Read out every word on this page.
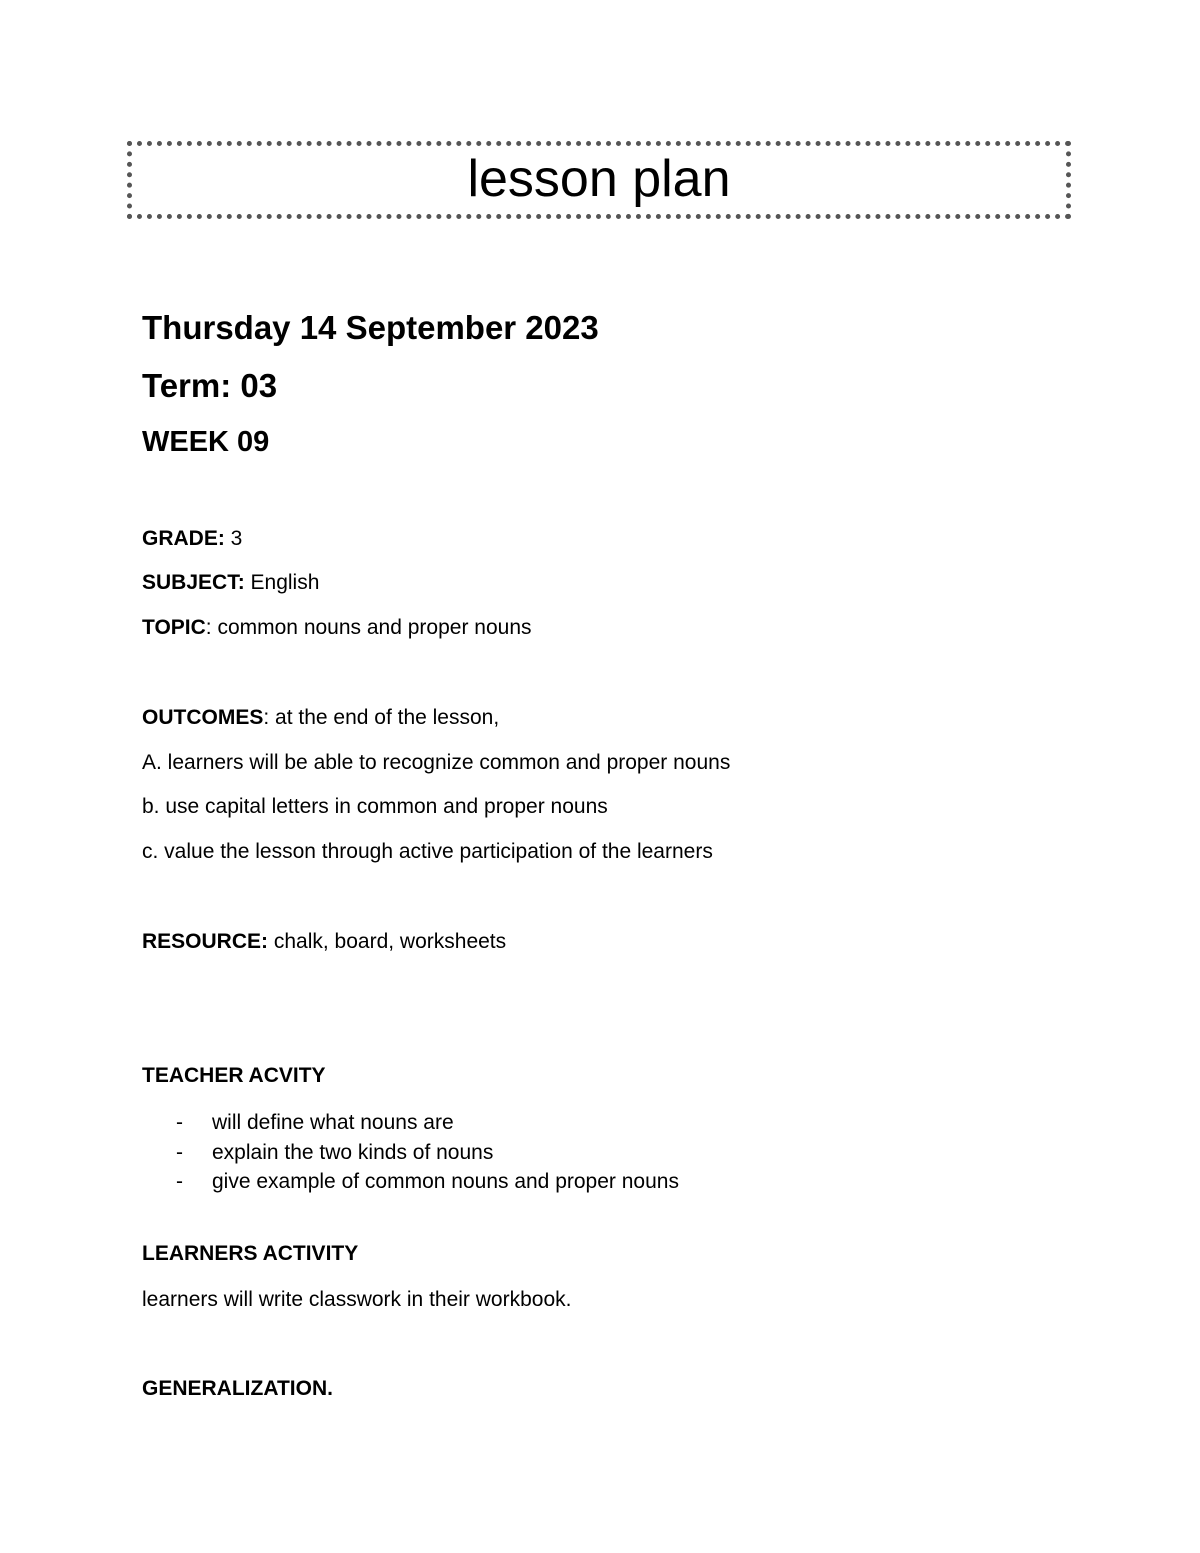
lesson plan
Thursday 14 September 2023
Term: 03
WEEK 09
GRADE: 3
SUBJECT: English
TOPIC: common nouns and proper nouns
OUTCOMES: at the end of the lesson,
A. learners will be able to recognize common and proper nouns
b. use capital letters in common and proper nouns
c. value the lesson through active participation of the learners
RESOURCE: chalk, board, worksheets
TEACHER ACVITY
- will define what nouns are
- explain the two kinds of nouns
- give example of common nouns and proper nouns
LEARNERS ACTIVITY
learners will write classwork in their workbook.
GENERALIZATION.
